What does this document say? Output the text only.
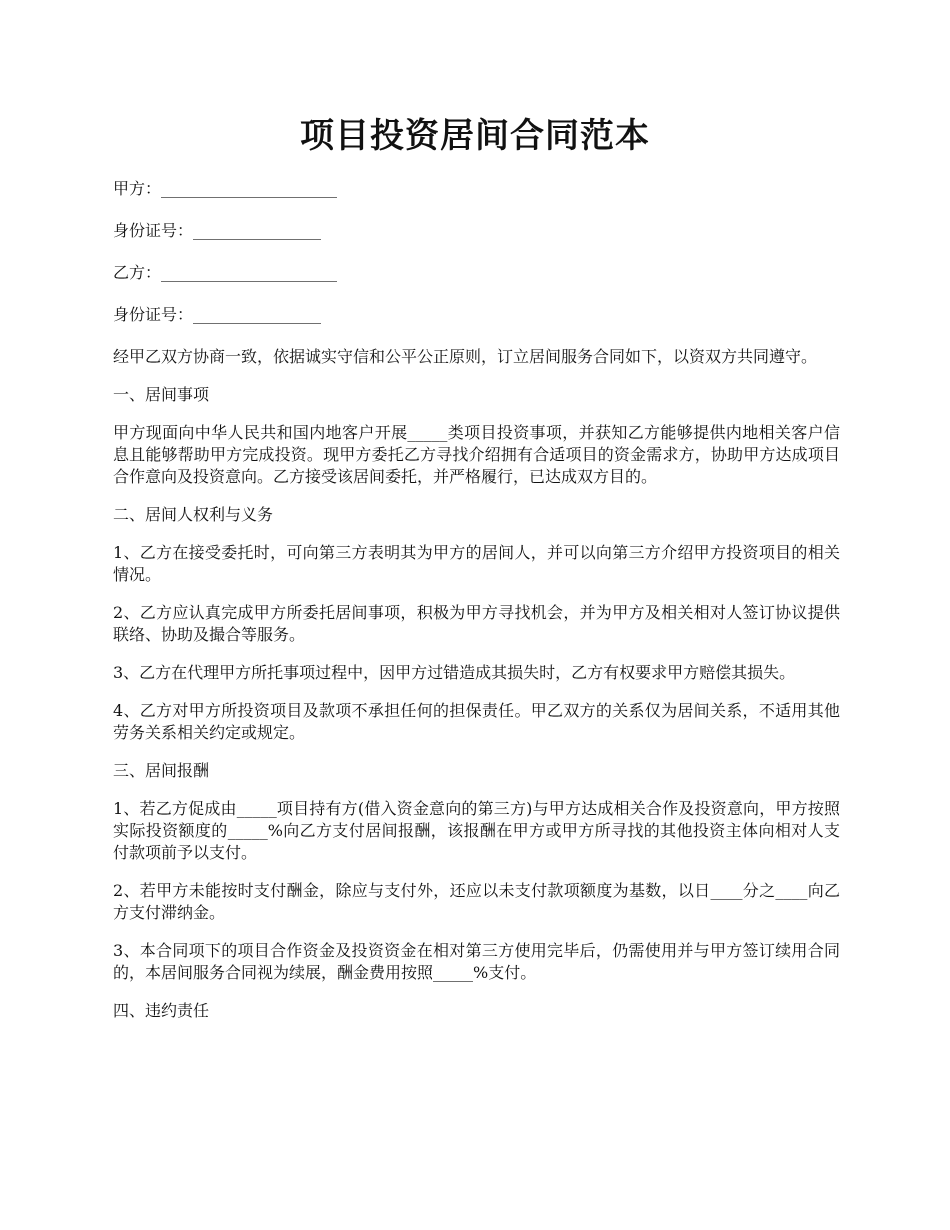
项目投资居间合同范本

甲方：______________________

身份证号：________________

乙方：______________________

身份证号：________________

经甲乙双方协商一致，依据诚实守信和公平公正原则，订立居间服务合同如下，以资双方共同遵守。

一、居间事项

甲方现面向中华人民共和国内地客户开展_____类项目投资事项，并获知乙方能够提供内地相关客户信息且能够帮助甲方完成投资。现甲方委托乙方寻找介绍拥有合适项目的资金需求方，协助甲方达成项目合作意向及投资意向。乙方接受该居间委托，并严格履行，已达成双方目的。

二、居间人权利与义务

1、乙方在接受委托时，可向第三方表明其为甲方的居间人，并可以向第三方介绍甲方投资项目的相关情况。

2、乙方应认真完成甲方所委托居间事项，积极为甲方寻找机会，并为甲方及相关相对人签订协议提供联络、协助及撮合等服务。

3、乙方在代理甲方所托事项过程中，因甲方过错造成其损失时，乙方有权要求甲方赔偿其损失。

4、乙方对甲方所投资项目及款项不承担任何的担保责任。甲乙双方的关系仅为居间关系，不适用其他劳务关系相关约定或规定。

三、居间报酬

1、若乙方促成由_____项目持有方(借入资金意向的第三方)与甲方达成相关合作及投资意向，甲方按照实际投资额度的_____%向乙方支付居间报酬，该报酬在甲方或甲方所寻找的其他投资主体向相对人支付款项前予以支付。

2、若甲方未能按时支付酬金，除应与支付外，还应以未支付款项额度为基数，以日____分之____向乙方支付滞纳金。

3、本合同项下的项目合作资金及投资资金在相对第三方使用完毕后，仍需使用并与甲方签订续用合同的，本居间服务合同视为续展，酬金费用按照_____%支付。

四、违约责任
